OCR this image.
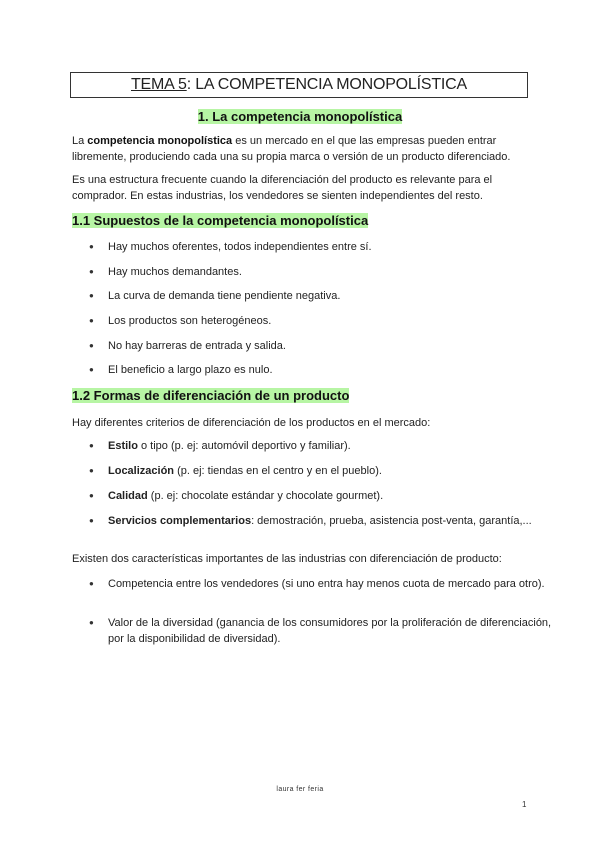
TEMA 5: LA COMPETENCIA MONOPOLÍSTICA
1. La competencia monopolística
La competencia monopolística es un mercado en el que las empresas pueden entrar libremente, produciendo cada una su propia marca o versión de un producto diferenciado.
Es una estructura frecuente cuando la diferenciación del producto es relevante para el comprador. En estas industrias, los vendedores se sienten independientes del resto.
1.1 Supuestos de la competencia monopolística
● Hay muchos oferentes, todos independientes entre sí.
● Hay muchos demandantes.
● La curva de demanda tiene pendiente negativa.
● Los productos son heterogéneos.
● No hay barreras de entrada y salida.
● El beneficio a largo plazo es nulo.
1.2 Formas de diferenciación de un producto
Hay diferentes criterios de diferenciación de los productos en el mercado:
● Estilo o tipo (p. ej: automóvil deportivo y familiar).
● Localización (p. ej: tiendas en el centro y en el pueblo).
● Calidad (p. ej: chocolate estándar y chocolate gourmet).
● Servicios complementarios: demostración, prueba, asistencia post-venta, garantía,...
Existen dos características importantes de las industrias con diferenciación de producto:
● Competencia entre los vendedores (si uno entra hay menos cuota de mercado para otro).
● Valor de la diversidad (ganancia de los consumidores por la proliferación de diferenciación, por la disponibilidad de diversidad).
laura fer feria
1
